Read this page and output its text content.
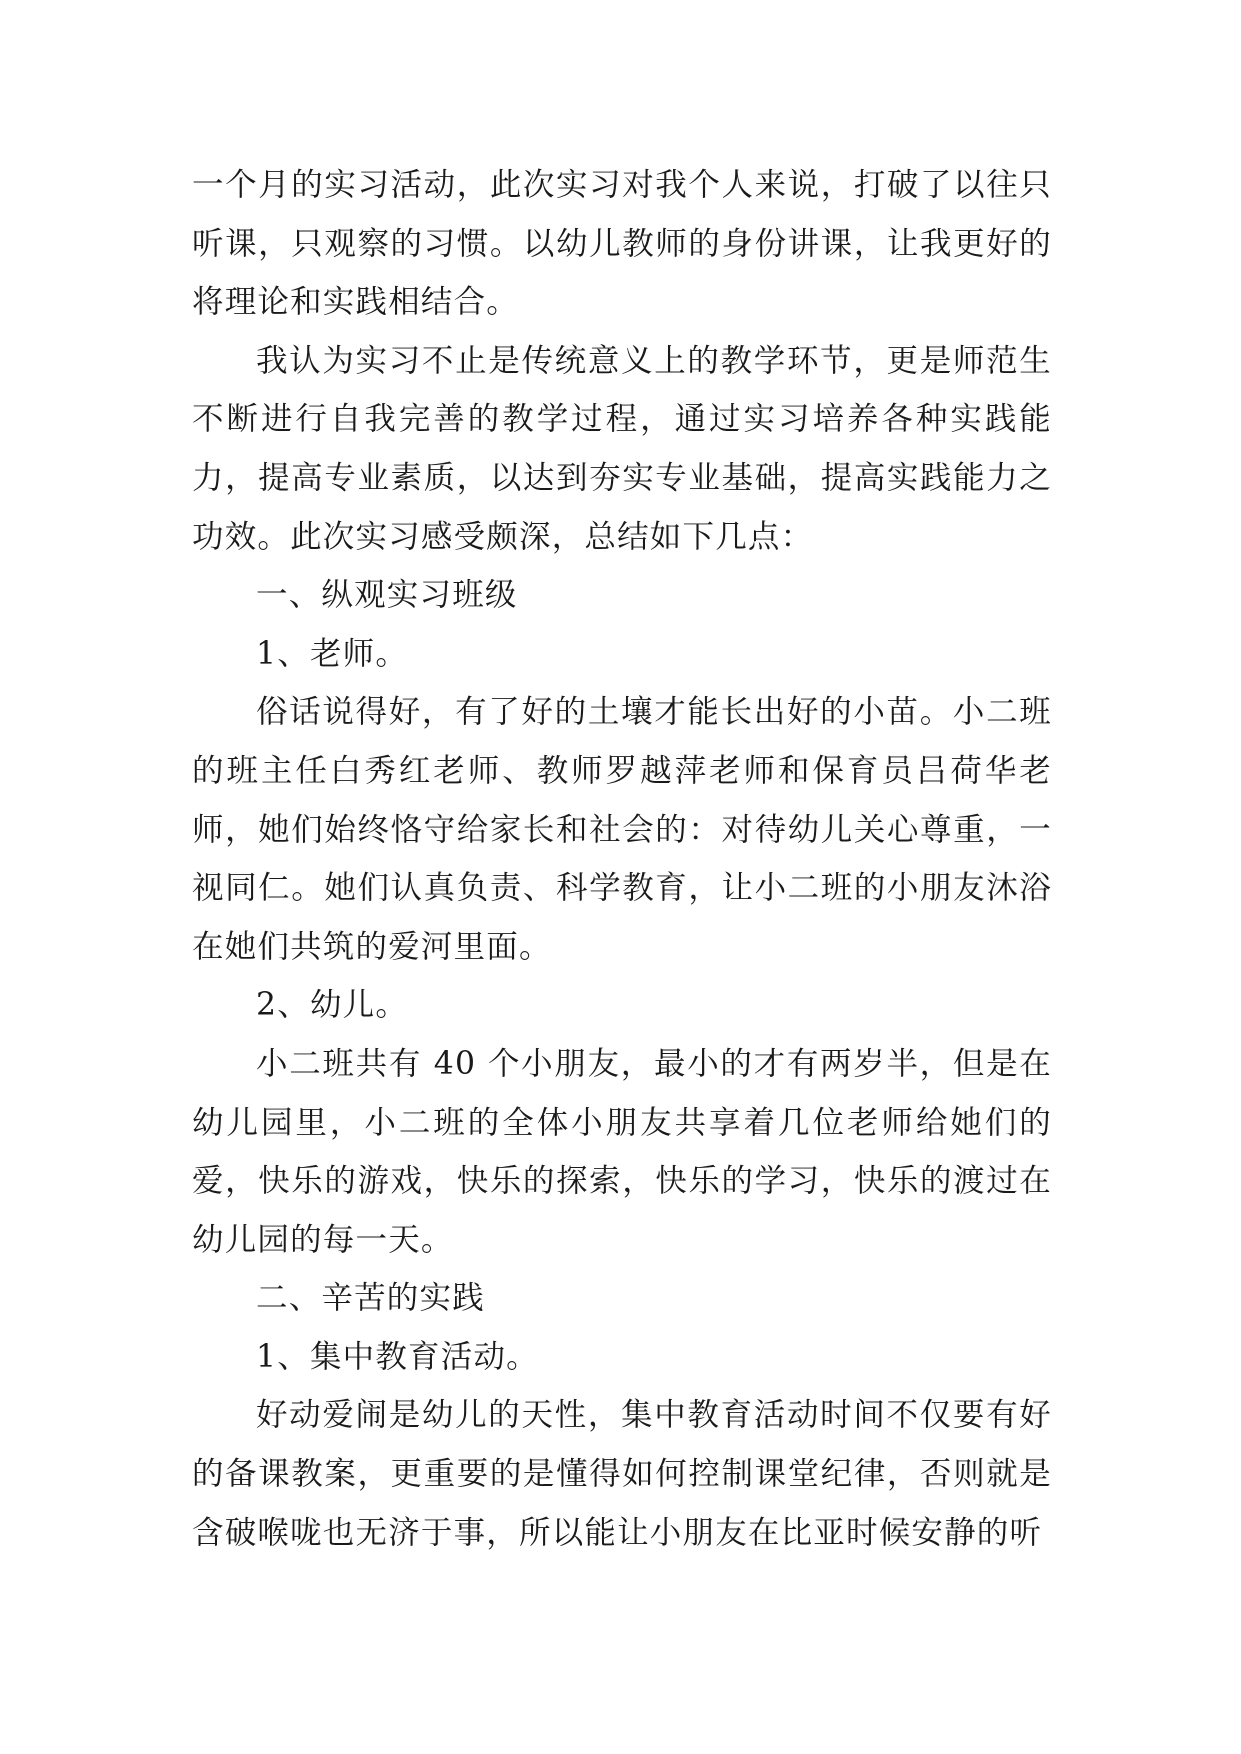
一个月的实习活动，此次实习对我个人来说，打破了以往只听课，只观察的习惯。以幼儿教师的身份讲课，让我更好的将理论和实践相结合。

我认为实习不止是传统意义上的教学环节，更是师范生不断进行自我完善的教学过程，通过实习培养各种实践能力，提高专业素质，以达到夯实专业基础，提高实践能力之功效。此次实习感受颇深，总结如下几点：

一、纵观实习班级

1、老师。

俗话说得好，有了好的土壤才能长出好的小苗。小二班的班主任白秀红老师、教师罗越萍老师和保育员吕荷华老师，她们始终恪守给家长和社会的：对待幼儿关心尊重，一视同仁。她们认真负责、科学教育，让小二班的小朋友沐浴在她们共筑的爱河里面。

2、幼儿。

小二班共有 40 个小朋友，最小的才有两岁半，但是在幼儿园里，小二班的全体小朋友共享着几位老师给她们的爱，快乐的游戏，快乐的探索，快乐的学习，快乐的渡过在幼儿园的每一天。

二、辛苦的实践

1、集中教育活动。

好动爱闹是幼儿的天性，集中教育活动时间不仅要有好的备课教案，更重要的是懂得如何控制课堂纪律，否则就是含破喉咙也无济于事，所以能让小朋友在比亚时候安静的听
